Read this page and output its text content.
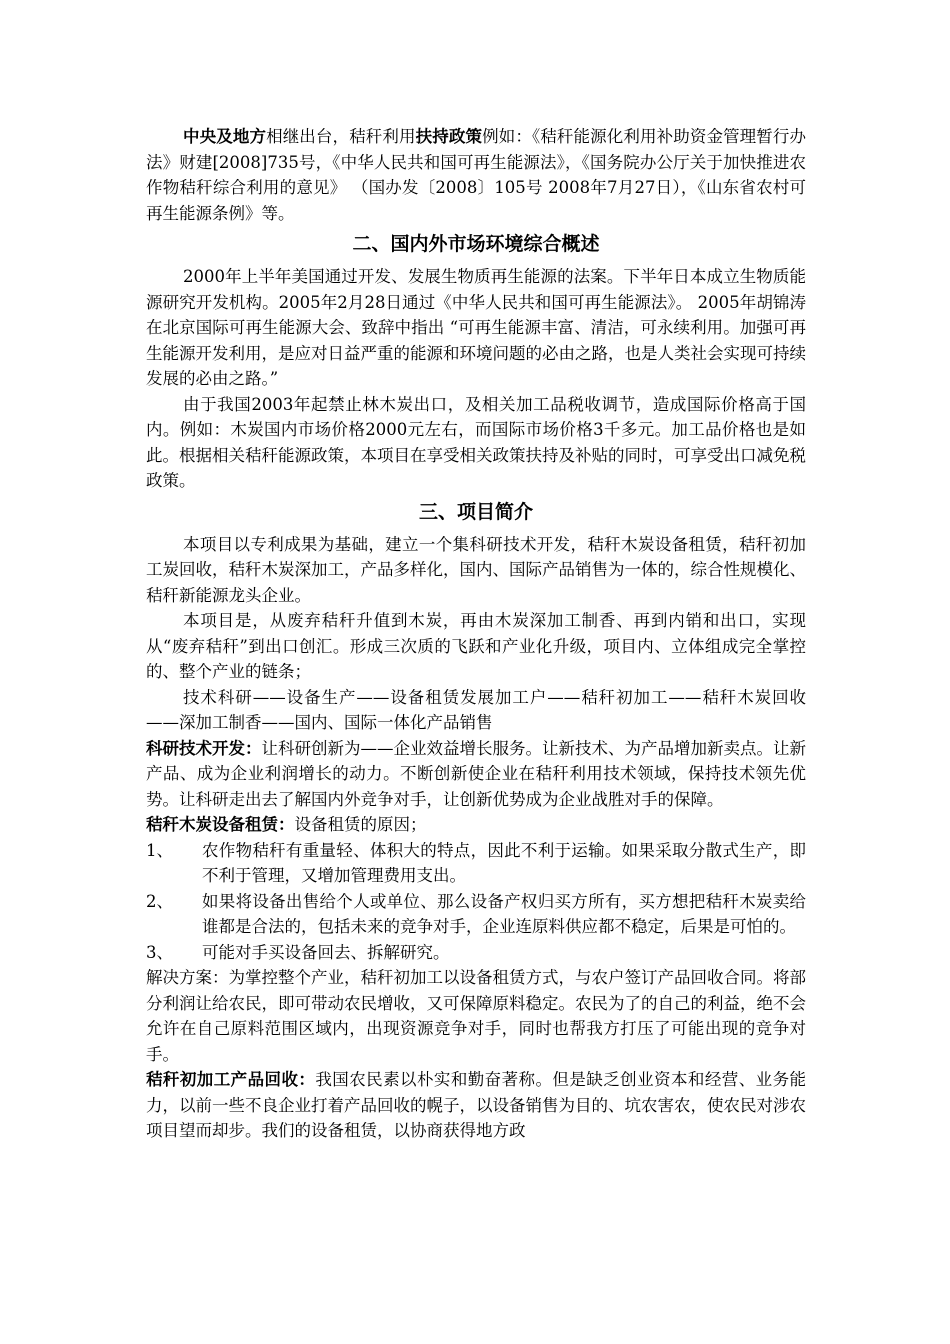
中央及地方相继出台，秸秆利用扶持政策例如：《秸秆能源化利用补助资金管理暂行办法》财建[2008]735号，《中华人民共和国可再生能源法》，《国务院办公厅关于加快推进农作物秸秆综合利用的意见》 （国办发〔2008〕105号 2008年7月27日），《山东省农村可再生能源条例》等。

二、国内外市场环境综合概述

2000年上半年美国通过开发、发展生物质再生能源的法案。下半年日本成立生物质能源研究开发机构。2005年2月28日通过《中华人民共和国可再生能源法》。 2005年胡锦涛在北京国际可再生能源大会、致辞中指出 “可再生能源丰富、清洁，可永续利用。加强可再生能源开发利用，是应对日益严重的能源和环境问题的必由之路，也是人类社会实现可持续发展的必由之路。”

由于我国2003年起禁止林木炭出口，及相关加工品税收调节，造成国际价格高于国内。例如：木炭国内市场价格2000元左右，而国际市场价格3千多元。加工品价格也是如此。根据相关秸秆能源政策，本项目在享受相关政策扶持及补贴的同时，可享受出口减免税政策。

三、项目简介

本项目以专利成果为基础，建立一个集科研技术开发，秸秆木炭设备租赁，秸秆初加工炭回收，秸秆木炭深加工，产品多样化，国内、国际产品销售为一体的，综合性规模化、秸秆新能源龙头企业。

本项目是，从废弃秸秆升值到木炭，再由木炭深加工制香、再到内销和出口，实现从“废弃秸秆”到出口创汇。形成三次质的飞跃和产业化升级，项目内、立体组成完全掌控的、整个产业的链条；

技术科研——设备生产——设备租赁发展加工户——秸秆初加工——秸秆木炭回收——深加工制香——国内、国际一体化产品销售

科研技术开发：让科研创新为——企业效益增长服务。让新技术、为产品增加新卖点。让新产品、成为企业利润增长的动力。不断创新使企业在秸秆利用技术领域，保持技术领先优势。让科研走出去了解国内外竞争对手，让创新优势成为企业战胜对手的保障。

秸秆木炭设备租赁：设备租赁的原因；

1、	农作物秸秆有重量轻、体积大的特点，因此不利于运输。如果采取分散式生产，即不利于管理，又增加管理费用支出。
2、	如果将设备出售给个人或单位、那么设备产权归买方所有，买方想把秸秆木炭卖给谁都是合法的，包括未来的竞争对手，企业连原料供应都不稳定，后果是可怕的。
3、	可能对手买设备回去、拆解研究。

解决方案：为掌控整个产业，秸秆初加工以设备租赁方式，与农户签订产品回收合同。将部分利润让给农民，即可带动农民增收，又可保障原料稳定。农民为了的自己的利益，绝不会允许在自己原料范围区域内，出现资源竞争对手，同时也帮我方打压了可能出现的竞争对手。

秸秆初加工产品回收：我国农民素以朴实和勤奋著称。但是缺乏创业资本和经营、业务能力，以前一些不良企业打着产品回收的幌子，以设备销售为目的、坑农害农，使农民对涉农项目望而却步。我们的设备租赁，以协商获得地方政
